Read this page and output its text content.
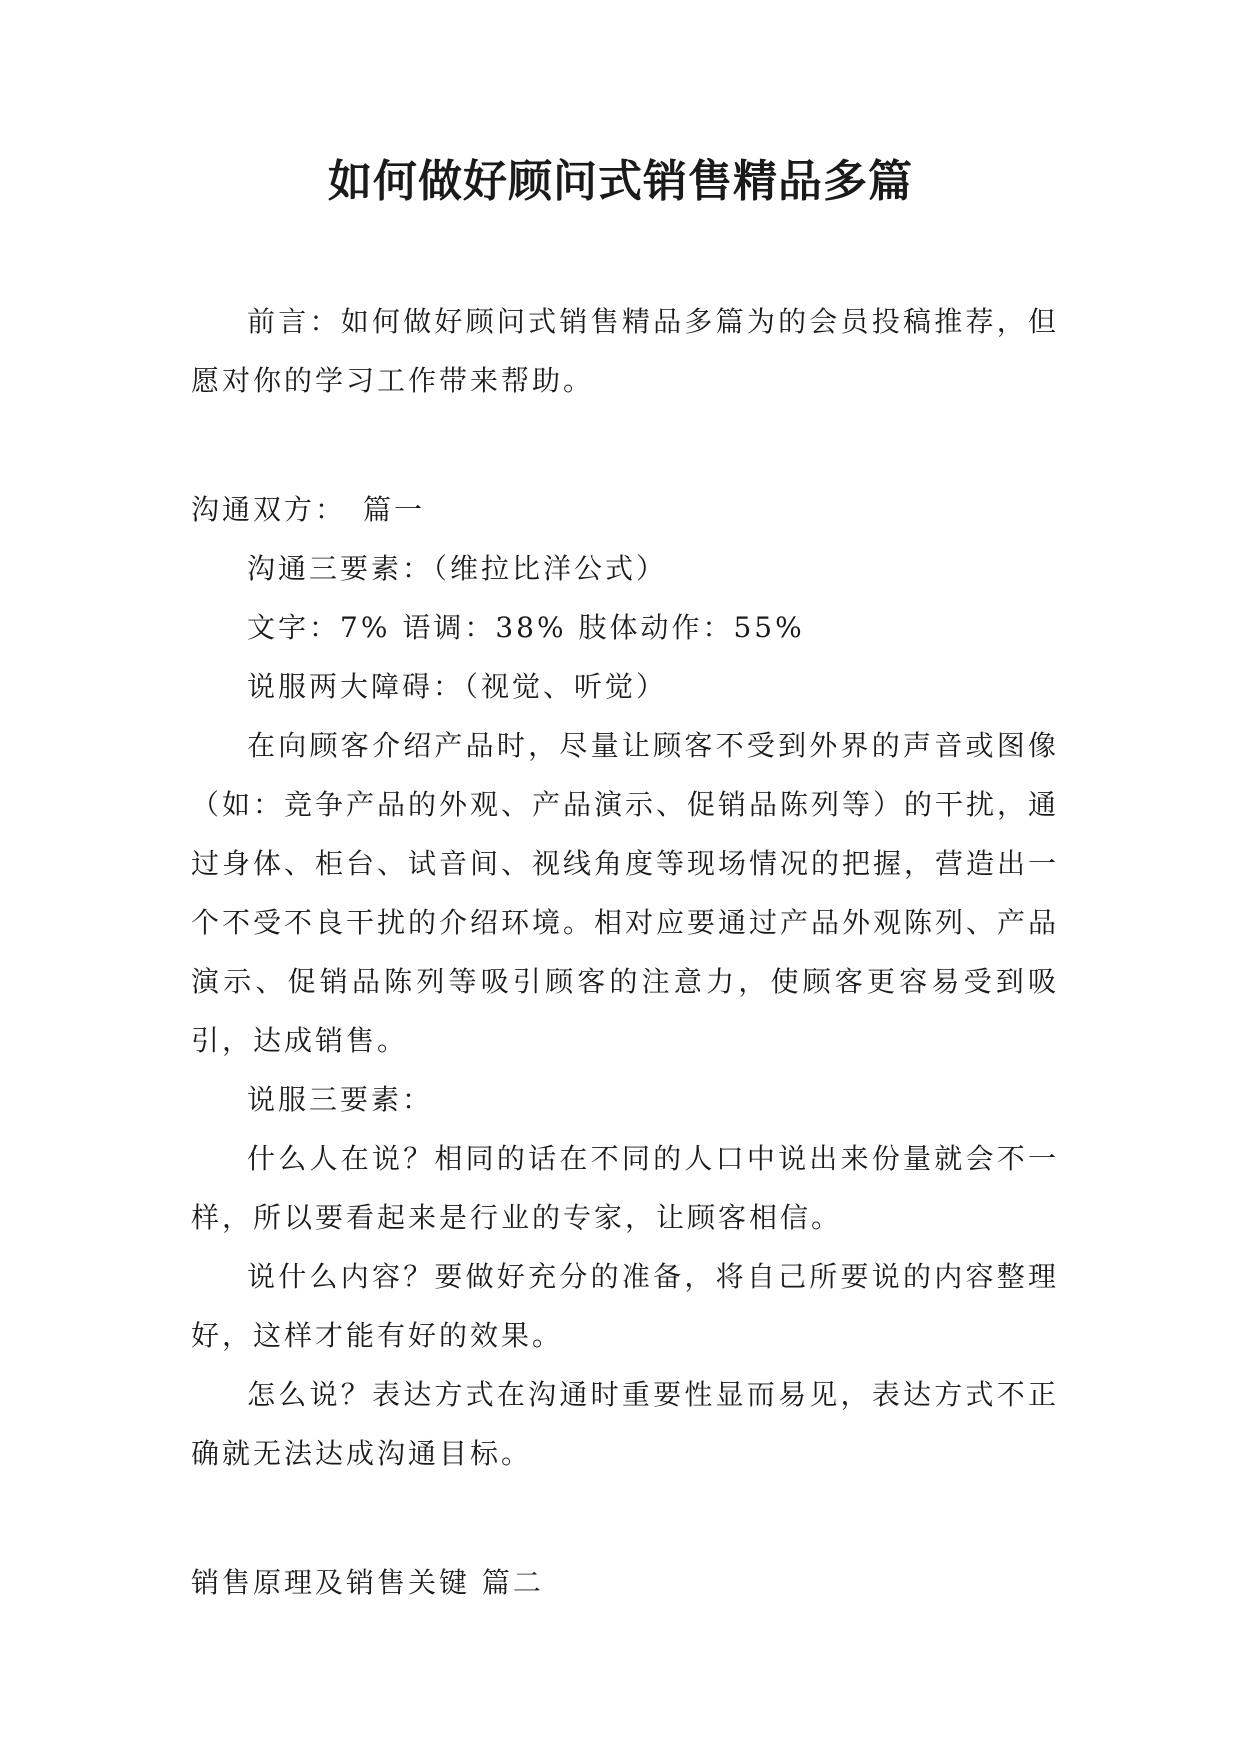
如何做好顾问式销售精品多篇

前言：如何做好顾问式销售精品多篇为的会员投稿推荐，但愿对你的学习工作带来帮助。

沟通双方：　篇一

沟通三要素：（维拉比洋公式）

文字：7% 语调：38% 肢体动作：55%

说服两大障碍：（视觉、听觉）

在向顾客介绍产品时，尽量让顾客不受到外界的声音或图像（如：竞争产品的外观、产品演示、促销品陈列等）的干扰，通过身体、柜台、试音间、视线角度等现场情况的把握，营造出一个不受不良干扰的介绍环境。相对应要通过产品外观陈列、产品演示、促销品陈列等吸引顾客的注意力，使顾客更容易受到吸引，达成销售。

说服三要素：

什么人在说？相同的话在不同的人口中说出来份量就会不一样，所以要看起来是行业的专家，让顾客相信。

说什么内容？要做好充分的准备，将自己所要说的内容整理好，这样才能有好的效果。

怎么说？表达方式在沟通时重要性显而易见，表达方式不正确就无法达成沟通目标。

销售原理及销售关键 篇二
